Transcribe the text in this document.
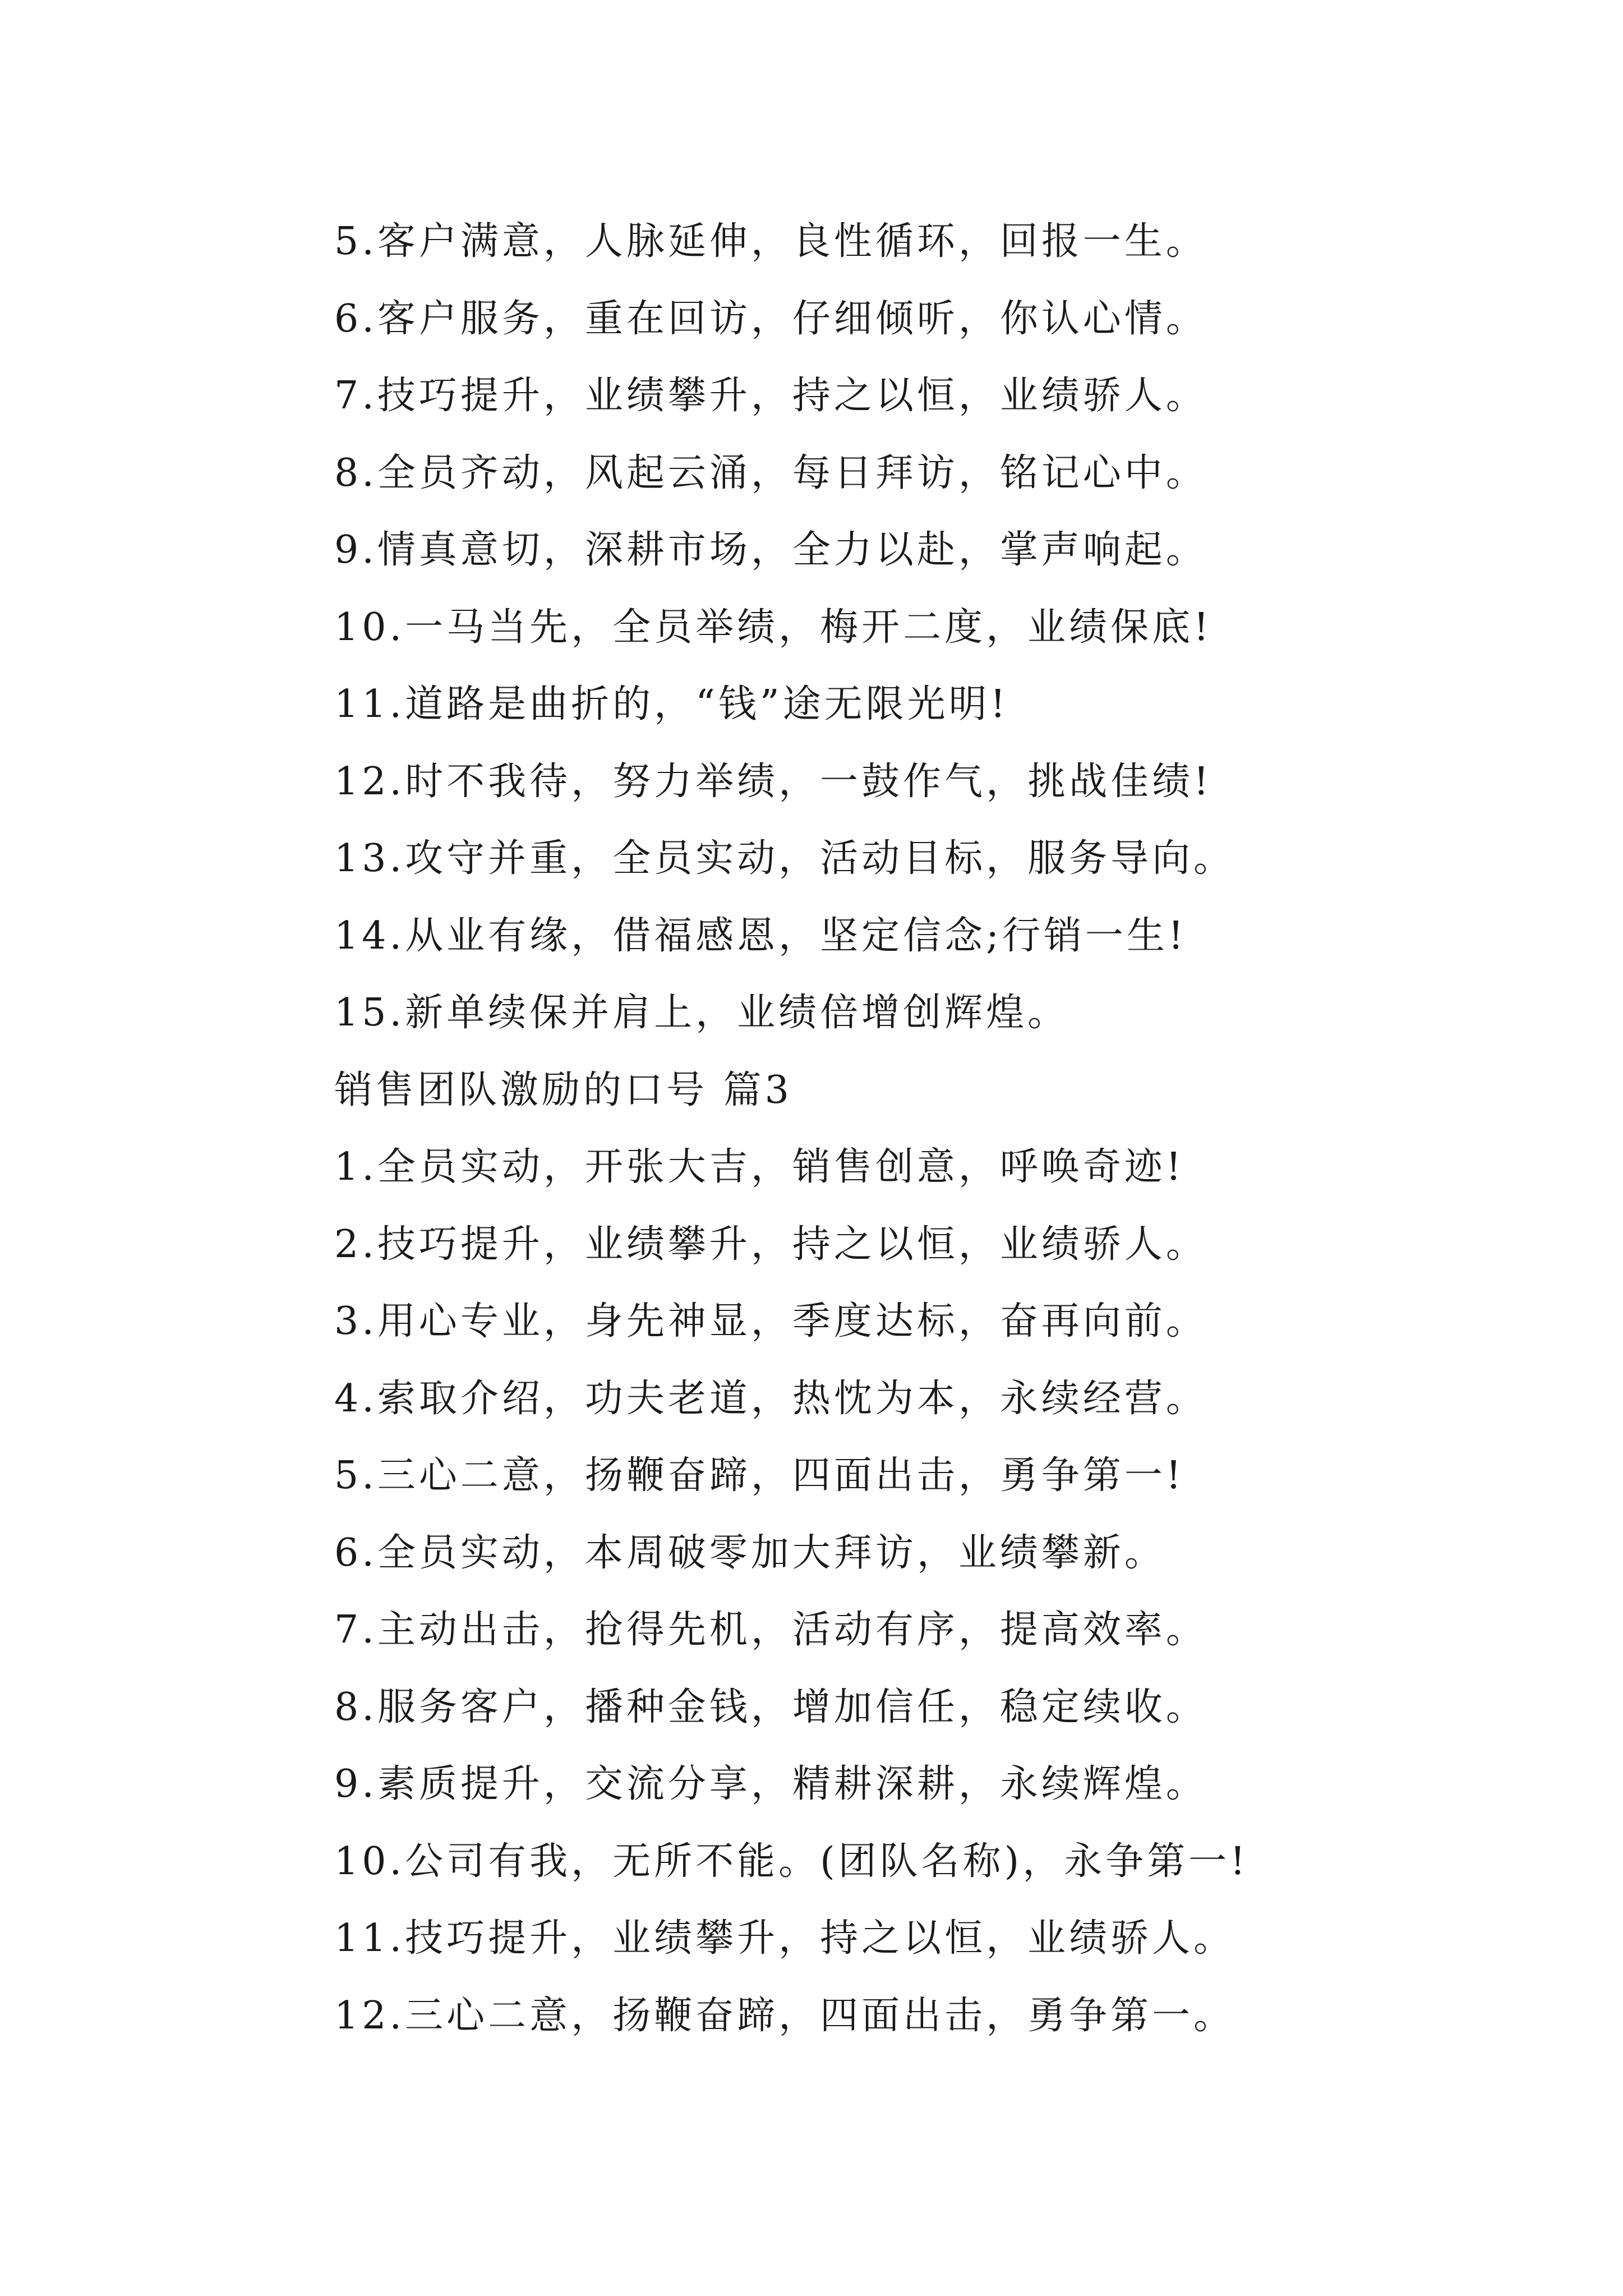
5.客户满意，人脉延伸，良性循环，回报一生。
6.客户服务，重在回访，仔细倾听，你认心情。
7.技巧提升，业绩攀升，持之以恒，业绩骄人。
8.全员齐动，风起云涌，每日拜访，铭记心中。
9.情真意切，深耕市场，全力以赴，掌声响起。
10.一马当先，全员举绩，梅开二度，业绩保底!
11.道路是曲折的，“钱”途无限光明!
12.时不我待，努力举绩，一鼓作气，挑战佳绩!
13.攻守并重，全员实动，活动目标，服务导向。
14.从业有缘，借福感恩，坚定信念;行销一生!
15.新单续保并肩上，业绩倍增创辉煌。
销售团队激励的口号 篇3
1.全员实动，开张大吉，销售创意，呼唤奇迹!
2.技巧提升，业绩攀升，持之以恒，业绩骄人。
3.用心专业，身先神显，季度达标，奋再向前。
4.索取介绍，功夫老道，热忱为本，永续经营。
5.三心二意，扬鞭奋蹄，四面出击，勇争第一!
6.全员实动，本周破零加大拜访，业绩攀新。
7.主动出击，抢得先机，活动有序，提高效率。
8.服务客户，播种金钱，增加信任，稳定续收。
9.素质提升，交流分享，精耕深耕，永续辉煌。
10.公司有我，无所不能。(团队名称)，永争第一!
11.技巧提升，业绩攀升，持之以恒，业绩骄人。
12.三心二意，扬鞭奋蹄，四面出击，勇争第一。
